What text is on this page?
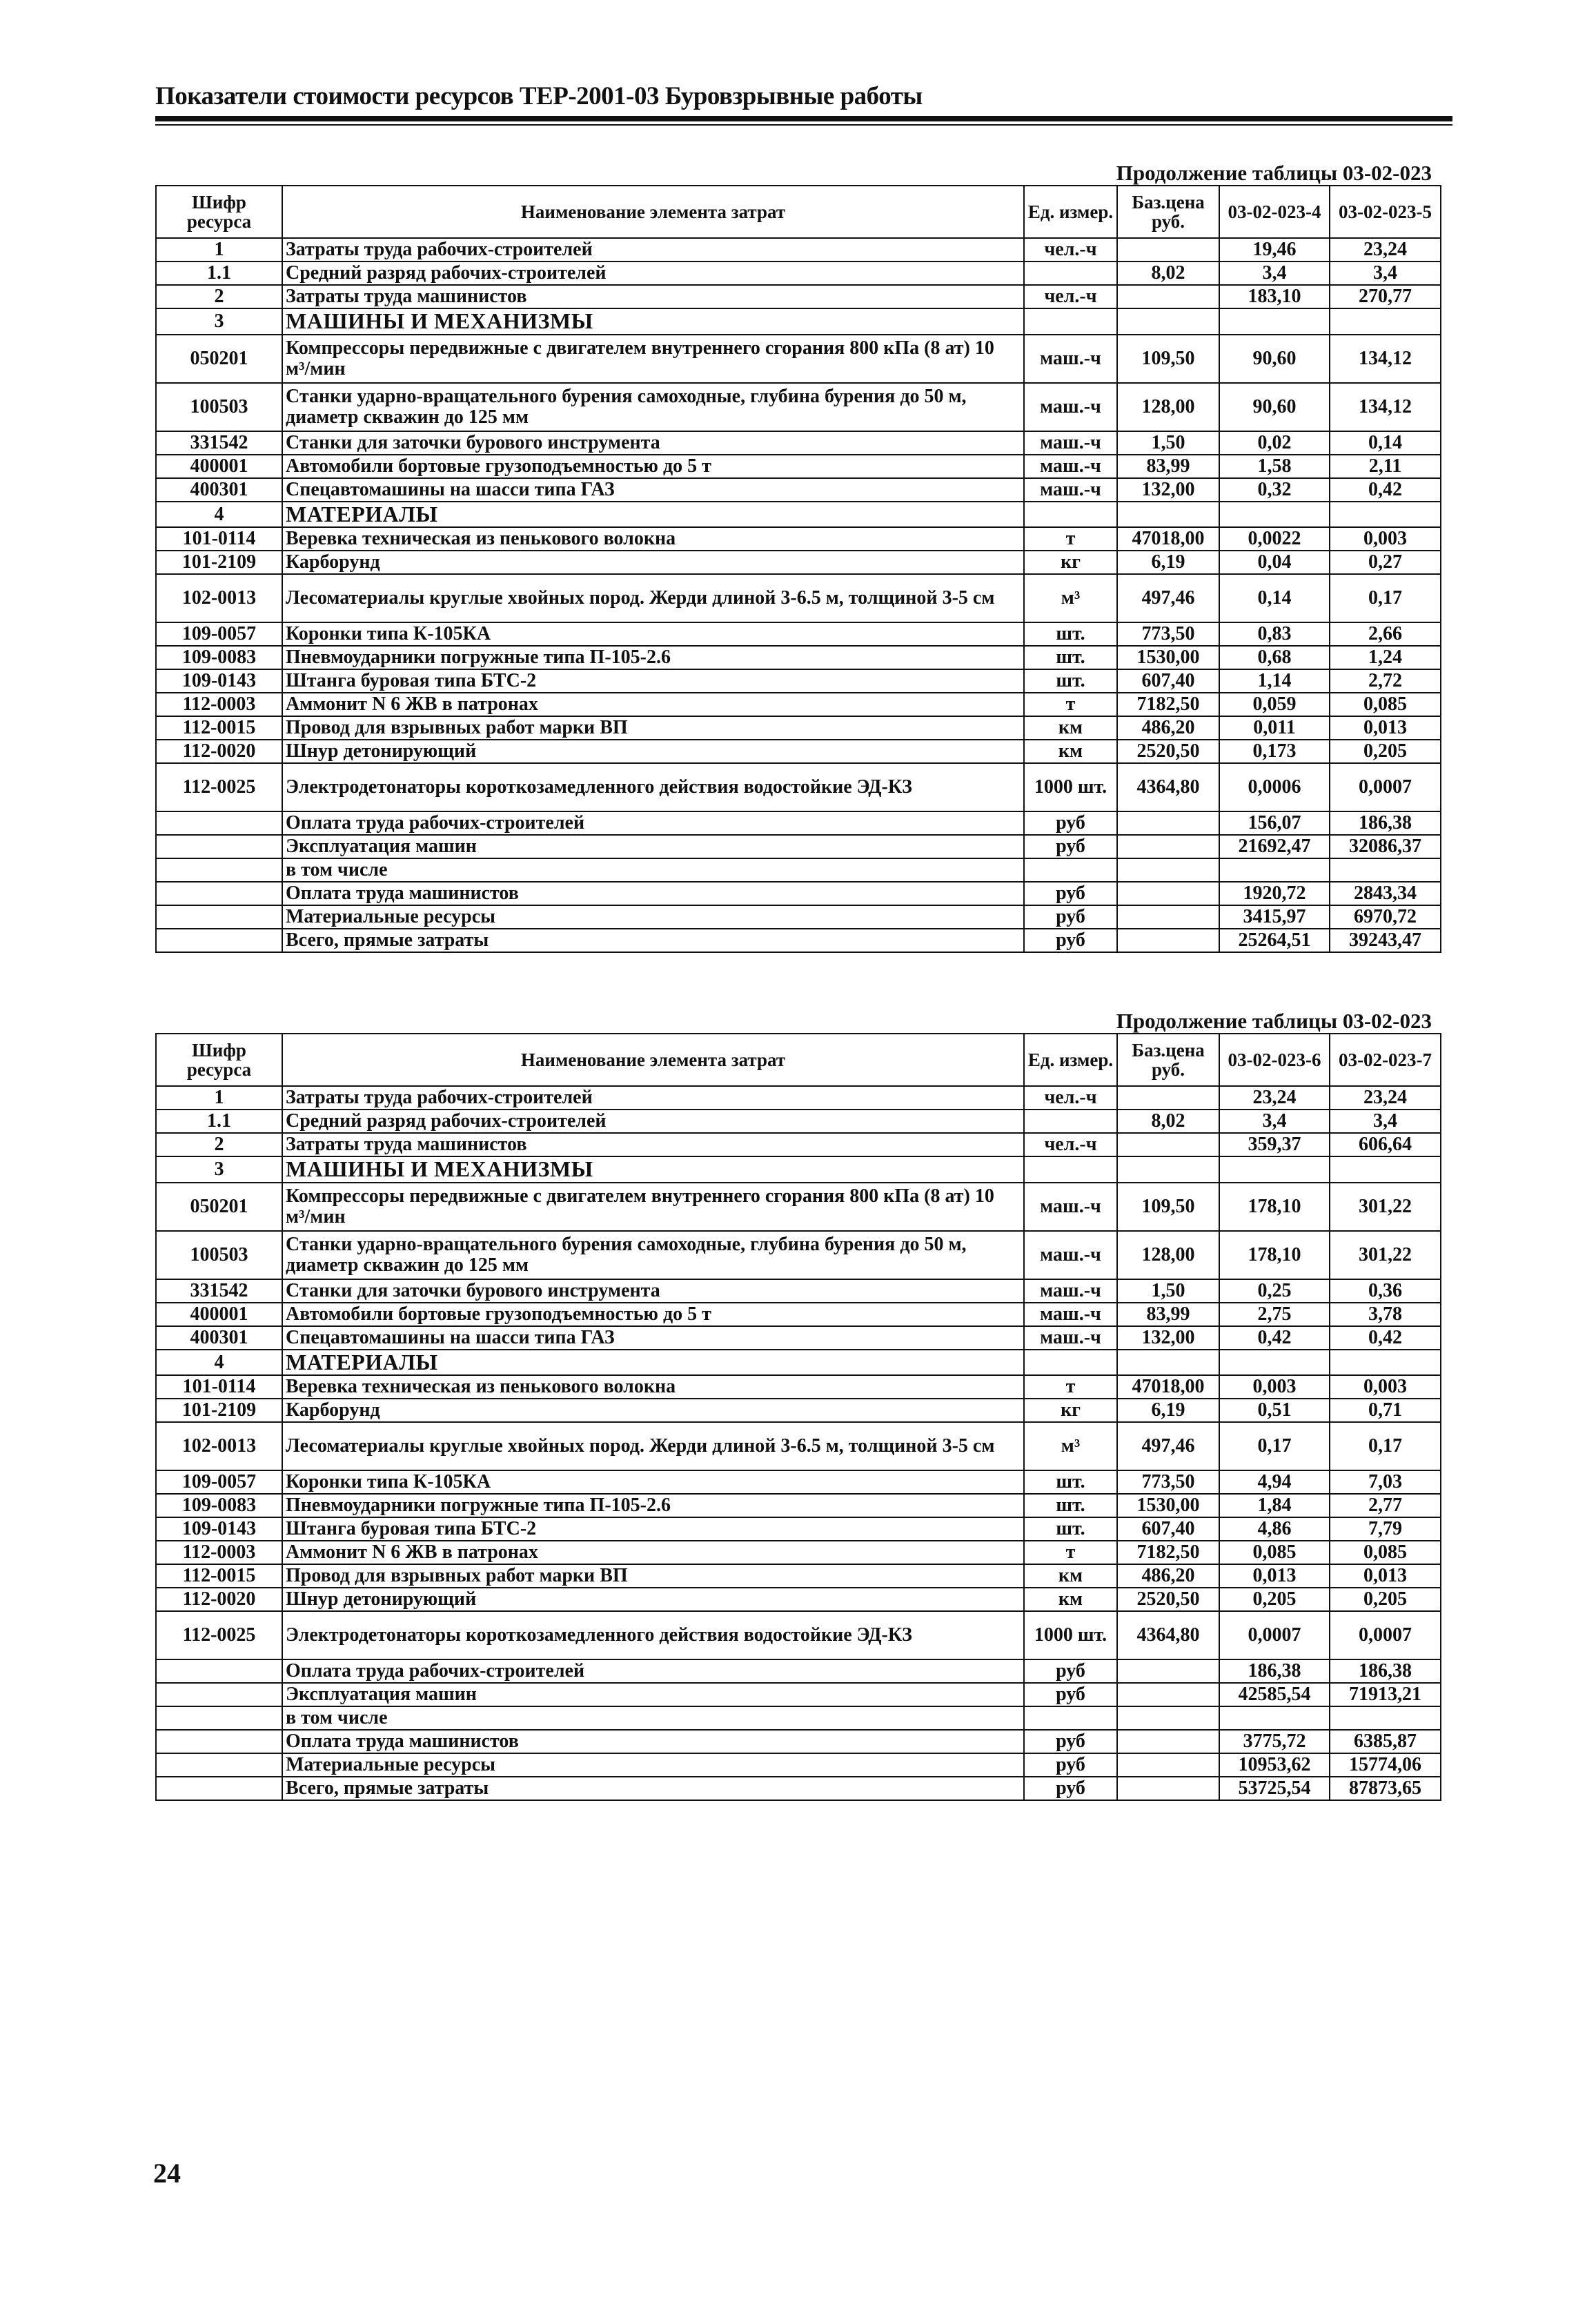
Показатели стоимости ресурсов ТЕР-2001-03 Буровзрывные работы
Продолжение таблицы 03-02-023
Шифр ресурса	Наименование элемента затрат	Ед. измер.	Баз.цена руб.	03-02-023-4	03-02-023-5
1	Затраты труда рабочих-строителей	чел.-ч		19,46	23,24
1.1	Средний разряд рабочих-строителей		8,02	3,4	3,4
2	Затраты труда машинистов	чел.-ч		183,10	270,77
3	МАШИНЫ И МЕХАНИЗМЫ				
050201	Компрессоры передвижные с двигателем внутреннего сгорания 800 кПа (8 ат) 10 м³/мин	маш.-ч	109,50	90,60	134,12
100503	Станки ударно-вращательного бурения самоходные, глубина бурения до 50 м, диаметр скважин до 125 мм	маш.-ч	128,00	90,60	134,12
331542	Станки для заточки бурового инструмента	маш.-ч	1,50	0,02	0,14
400001	Автомобили бортовые грузоподъемностью до 5 т	маш.-ч	83,99	1,58	2,11
400301	Спецавтомашины на шасси типа ГАЗ	маш.-ч	132,00	0,32	0,42
4	МАТЕРИАЛЫ				
101-0114	Веревка техническая из пенькового волокна	т	47018,00	0,0022	0,003
101-2109	Карборунд	кг	6,19	0,04	0,27
102-0013	Лесоматериалы круглые хвойных пород. Жерди длиной 3-6.5 м, толщиной 3-5 см	м³	497,46	0,14	0,17
109-0057	Коронки типа К-105КА	шт.	773,50	0,83	2,66
109-0083	Пневмоударники погружные типа П-105-2.6	шт.	1530,00	0,68	1,24
109-0143	Штанга буровая типа БТС-2	шт.	607,40	1,14	2,72
112-0003	Аммонит N 6 ЖВ в патронах	т	7182,50	0,059	0,085
112-0015	Провод для взрывных работ марки ВП	км	486,20	0,011	0,013
112-0020	Шнур детонирующий	км	2520,50	0,173	0,205
112-0025	Электродетонаторы короткозамедленного действия водостойкие ЭД-КЗ	1000 шт.	4364,80	0,0006	0,0007
	Оплата труда рабочих-строителей	руб		156,07	186,38
	Эксплуатация машин	руб		21692,47	32086,37
	в том числе				
	Оплата труда машинистов	руб		1920,72	2843,34
	Материальные ресурсы	руб		3415,97	6970,72
	Всего, прямые затраты	руб		25264,51	39243,47
Продолжение таблицы 03-02-023
Шифр ресурса	Наименование элемента затрат	Ед. измер.	Баз.цена руб.	03-02-023-6	03-02-023-7
1	Затраты труда рабочих-строителей	чел.-ч		23,24	23,24
1.1	Средний разряд рабочих-строителей		8,02	3,4	3,4
2	Затраты труда машинистов	чел.-ч		359,37	606,64
3	МАШИНЫ И МЕХАНИЗМЫ				
050201	Компрессоры передвижные с двигателем внутреннего сгорания 800 кПа (8 ат) 10 м³/мин	маш.-ч	109,50	178,10	301,22
100503	Станки ударно-вращательного бурения самоходные, глубина бурения до 50 м, диаметр скважин до 125 мм	маш.-ч	128,00	178,10	301,22
331542	Станки для заточки бурового инструмента	маш.-ч	1,50	0,25	0,36
400001	Автомобили бортовые грузоподъемностью до 5 т	маш.-ч	83,99	2,75	3,78
400301	Спецавтомашины на шасси типа ГАЗ	маш.-ч	132,00	0,42	0,42
4	МАТЕРИАЛЫ				
101-0114	Веревка техническая из пенькового волокна	т	47018,00	0,003	0,003
101-2109	Карборунд	кг	6,19	0,51	0,71
102-0013	Лесоматериалы круглые хвойных пород. Жерди длиной 3-6.5 м, толщиной 3-5 см	м³	497,46	0,17	0,17
109-0057	Коронки типа К-105КА	шт.	773,50	4,94	7,03
109-0083	Пневмоударники погружные типа П-105-2.6	шт.	1530,00	1,84	2,77
109-0143	Штанга буровая типа БТС-2	шт.	607,40	4,86	7,79
112-0003	Аммонит N 6 ЖВ в патронах	т	7182,50	0,085	0,085
112-0015	Провод для взрывных работ марки ВП	км	486,20	0,013	0,013
112-0020	Шнур детонирующий	км	2520,50	0,205	0,205
112-0025	Электродетонаторы короткозамедленного действия водостойкие ЭД-КЗ	1000 шт.	4364,80	0,0007	0,0007
	Оплата труда рабочих-строителей	руб		186,38	186,38
	Эксплуатация машин	руб		42585,54	71913,21
	в том числе				
	Оплата труда машинистов	руб		3775,72	6385,87
	Материальные ресурсы	руб		10953,62	15774,06
	Всего, прямые затраты	руб		53725,54	87873,65
24
